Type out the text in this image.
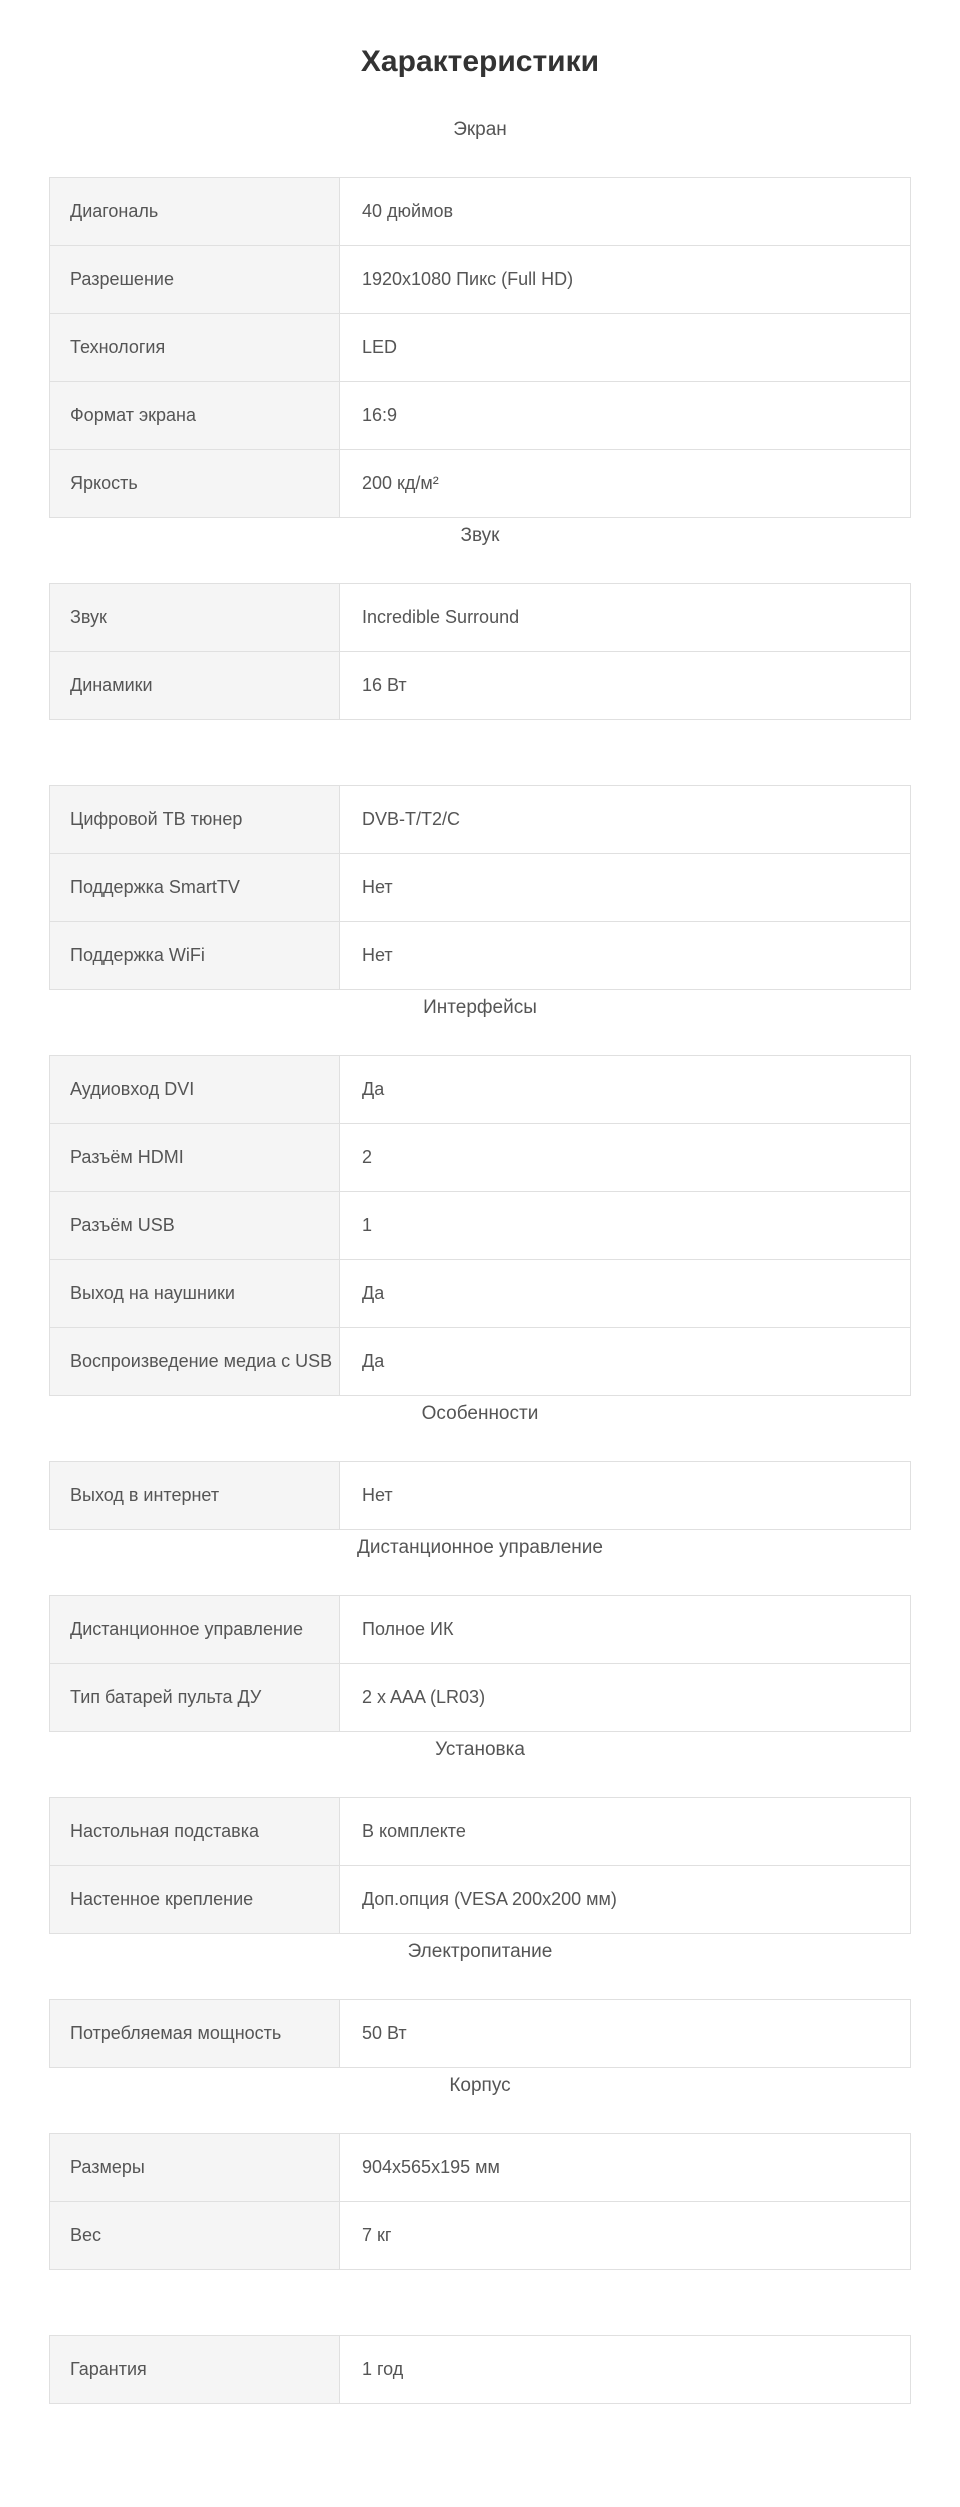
Характеристики
Экран
Диагональ	40 дюймов
Разрешение	1920x1080 Пикс (Full HD)
Технология	LED
Формат экрана	16:9
Яркость	200 кд/м²
Звук
Звук	Incredible Surround
Динамики	16 Вт
Цифровой ТВ тюнер	DVB-T/T2/C
Поддержка SmartTV	Нет
Поддержка WiFi	Нет
Интерфейсы
Аудиовход DVI	Да
Разъём HDMI	2
Разъём USB	1
Выход на наушники	Да
Воспроизведение медиа с USB	Да
Особенности
Выход в интернет	Нет
Дистанционное управление
Дистанционное управление	Полное ИК
Тип батарей пульта ДУ	2 x AAA (LR03)
Установка
Настольная подставка	В комплекте
Настенное крепление	Доп.опция (VESA 200x200 мм)
Электропитание
Потребляемая мощность	50 Вт
Корпус
Размеры	904x565x195 мм
Вес	7 кг
Гарантия	1 год
